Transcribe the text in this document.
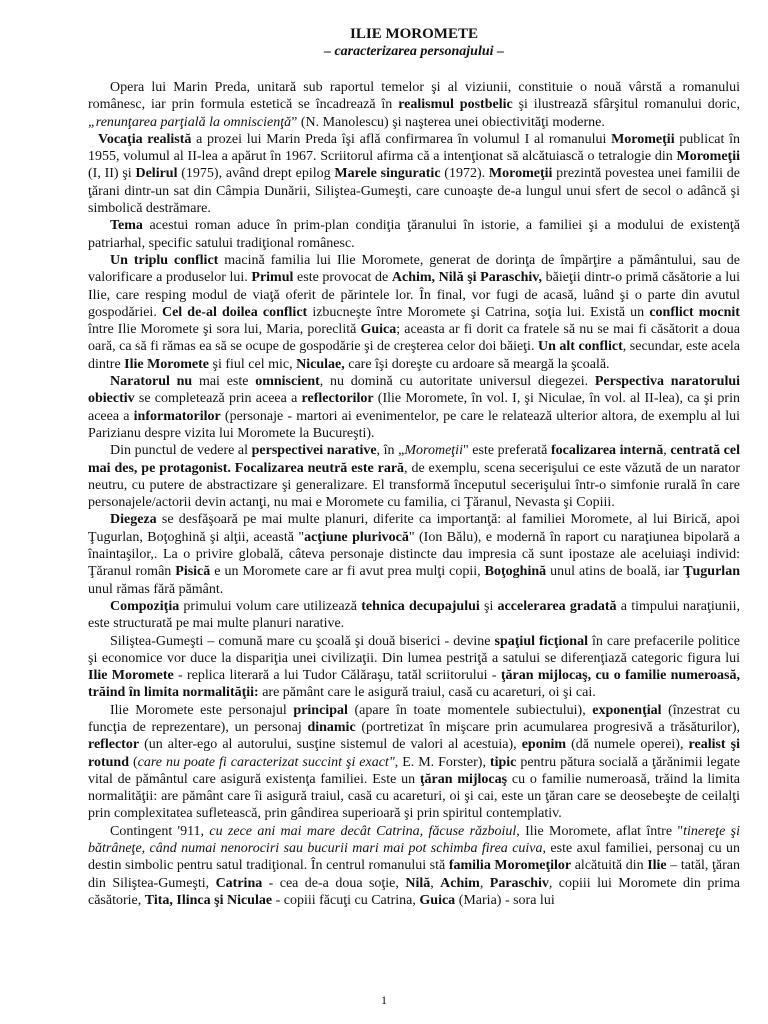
ILIE MOROMETE
– caracterizarea personajului –

Opera lui Marin Preda, unitară sub raportul temelor şi al viziunii, constituie o nouă vârstă a romanului românesc, iar prin formula estetică se încadrează în realismul postbelic şi ilustrează sfârşitul romanului doric, „renunţarea parţială la omniscienţă” (N. Manolescu) şi naşterea unei obiectivităţi moderne.

Vocaţia realistă a prozei lui Marin Preda îşi află confirmarea în volumul I al romanului Moromeţii publicat în 1955, volumul al II-lea a apărut în 1967. Scriitorul afirma că a intenţionat să alcătuiască o tetralogie din Moromeţii (I, II) şi Delirul (1975), având drept epilog Marele singuratic (1972). Moromeţii prezintă povestea unei familii de ţărani dintr-un sat din Câmpia Dunării, Siliştea-Gumeşti, care cunoaşte de-a lungul unui sfert de secol o adâncă şi simbolică destrămare.

Tema acestui roman aduce în prim-plan condiţia ţăranului în istorie, a familiei şi a modului de existenţă patriarhal, specific satului tradiţional românesc.

Un triplu conflict macină familia lui Ilie Moromete, generat de dorinţa de împărţire a pământului, sau de valorificare a produselor lui. Primul este provocat de Achim, Nilă şi Paraschiv, băieţii dintr-o primă căsătorie a lui Ilie, care resping modul de viaţă oferit de părintele lor. În final, vor fugi de acasă, luând şi o parte din avutul gospodăriei. Cel de-al doilea conflict izbucneşte între Moromete şi Catrina, soţia lui. Există un conflict mocnit între Ilie Moromete şi sora lui, Maria, poreclită Guica; aceasta ar fi dorit ca fratele să nu se mai fi căsătorit a doua oară, ca să fi rămas ea să se ocupe de gospodărie şi de creşterea celor doi băieţi. Un alt conflict, secundar, este acela dintre Ilie Moromete şi fiul cel mic, Niculae, care îşi doreşte cu ardoare să meargă la şcoală.

Naratorul nu mai este omniscient, nu domină cu autoritate universul diegezei. Perspectiva naratorului obiectiv se completează prin aceea a reflectorilor (Ilie Moromete, în vol. I, şi Niculae, în vol. al II-lea), ca şi prin aceea a informatorilor (personaje - martori ai evenimentelor, pe care le relatează ulterior altora, de exemplu al lui Parizianu despre vizita lui Moromete la Bucureşti).

Din punctul de vedere al perspectivei narative, în „Moromeţii" este preferată focalizarea internă, centrată cel mai des, pe protagonist. Focalizarea neutră este rară, de exemplu, scena secerişului ce este văzută de un narator neutru, cu putere de abstractizare şi generalizare. El transformă începutul secerişului într-o simfonie rurală în care personajele/actorii devin actanţi, nu mai e Moromete cu familia, ci Ţăranul, Nevasta şi Copiii.

Diegeza se desfăşoară pe mai multe planuri, diferite ca importanţă: al familiei Moromete, al lui Birică, apoi Ţugurlan, Boţoghină şi alţii, această "acţiune plurivocă" (Ion Bălu), e modernă în raport cu naraţiunea bipolară a înaintaşilor,. La o privire globală, câteva personaje distincte dau impresia că sunt ipostaze ale aceluiaşi individ: Ţăranul român Pisică e un Moromete care ar fi avut prea mulţi copii, Boţoghină unul atins de boală, iar Ţugurlan unul rămas fără pământ.

Compoziţia primului volum care utilizează tehnica decupajului şi accelerarea gradată a timpului naraţiunii, este structurată pe mai multe planuri narative.

Siliştea-Gumeşti – comună mare cu şcoală şi două biserici - devine spaţiul ficţional în care prefacerile politice şi economice vor duce la dispariţia unei civilizaţii. Din lumea pestriţă a satului se diferenţiază categoric figura lui Ilie Moromete - replica literară a lui Tudor Călăraşu, tatăl scriitorului - ţăran mijlocaş, cu o familie numeroasă, trăind în limita normalităţii: are pământ care le asigură traiul, casă cu acareturi, oi şi cai.

Ilie Moromete este personajul principal (apare în toate momentele subiectului), exponenţial (înzestrat cu funcţia de reprezentare), un personaj dinamic (portretizat în mişcare prin acumularea progresivă a trăsăturilor), reflector (un alter-ego al autorului, susţine sistemul de valori al acestuia), eponim (dă numele operei), realist şi rotund (care nu poate fi caracterizat succint şi exact", E. M. Forster), tipic pentru pătura socială a ţărănimii legate vital de pământul care asigură existenţa familiei. Este un ţăran mijlocaş cu o familie numeroasă, trăind la limita normalităţii: are pământ care îi asigură traiul, casă cu acareturi, oi şi cai, este un ţăran care se deosebeşte de ceilalţi prin complexitatea sufletească, prin gândirea superioară şi prin spiritul contemplativ.

Contingent '911, cu zece ani mai mare decât Catrina, făcuse războiul, Ilie Moromete, aflat între "tinereţe şi bătrâneţe, când numai nenorociri sau bucurii mari mai pot schimba firea cuiva, este axul familiei, personaj cu un destin simbolic pentru satul tradiţional. În centrul romanului stă familia Moromeţilor alcătuită din Ilie – tatăl, ţăran din Siliştea-Gumeşti, Catrina - cea de-a doua soţie, Nilă, Achim, Paraschiv, copiii lui Moromete din prima căsătorie, Tita, Ilinca şi Niculae - copiii făcuţi cu Catrina, Guica (Maria) - sora lui

1
